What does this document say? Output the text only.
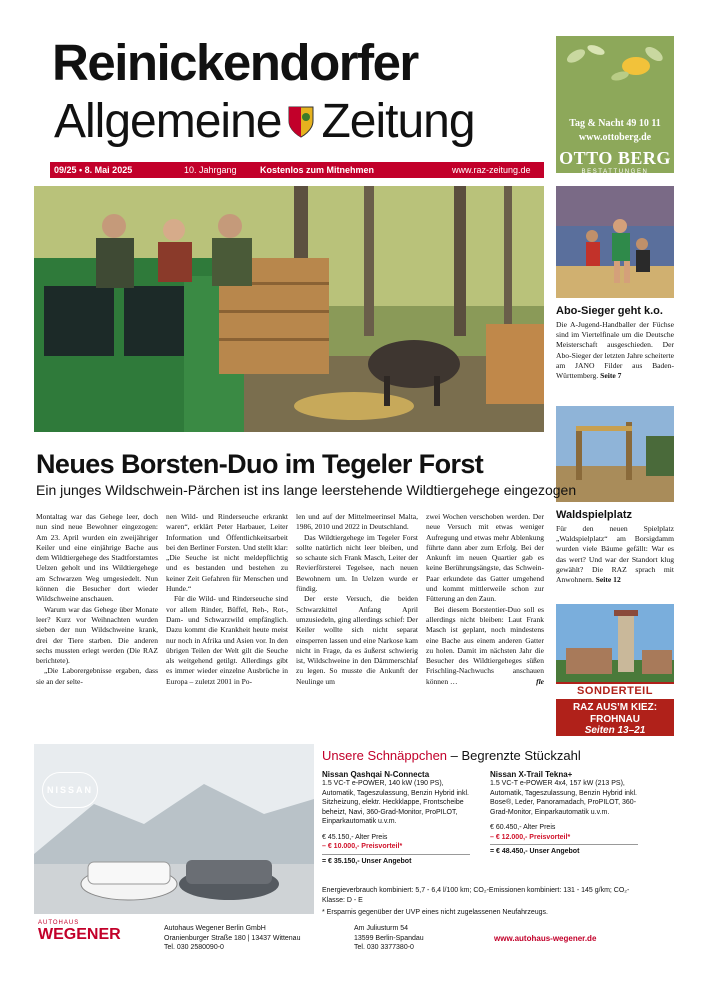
Reinickendorfer
Allgemeine Zeitung	Tag & Nacht 49 10 11
www.ottoberg.de
OTTO BERG
BESTATTUNGEN
09/25 • 8. Mai 2025	10. Jahrgang	Kostenlos zum Mitnehmen	www.raz-zeitung.de
Abo-Sieger geht k.o.
Die A-Jugend-Handballer der Füchse sind im Viertelfinale um die Deutsche Meisterschaft ausgeschieden. Der Abo-Sieger der letzten Jahre scheiterte am JANO Filder aus Baden-Württemberg. Seite 7
Waldspielplatz
Für den neuen Spielplatz „Waldspielplatz“ am Borsigdamm wurden viele Bäume gefällt: War es das wert? Und war der Standort klug gewählt? Die RAZ sprach mit Anwohnern. Seite 12
SONDERTEIL
RAZ AUS’M KIEZ:
FROHNAU
Seiten 13–21
Neues Borsten-Duo im Tegeler Forst
Ein junges Wildschwein-Pärchen ist ins lange leerstehende Wildtiergehege eingezogen

Montaltag war das Gehege leer, doch nun sind neue Bewohner eingezogen: Am 23. April wurden ein zweijähriger Keiler und eine einjährige Bache aus dem Wildtiergehege des Stadtforstamtes Uelzen geholt und ins Wildtiergehege am Schwarzen Weg umgesiedelt. Nun können die Besucher dort wieder Wildschweine anschauen.

Warum war das Gehege über Monate leer? Kurz vor Weihnachten wurden sieben der nun Wildschweine krank, drei der Tiere starben. Die anderen sechs mussten erlegt werden (Die RAZ berichtete).

„Die Laborergebnisse ergaben, dass sie an der selte-

nen Wild- und Rinderseuche erkrankt waren“, erklärt Peter Harbauer, Leiter Information und Öffentlichkeitsarbeit bei den Berliner Forsten. Und stellt klar: „Die Seuche ist nicht meldepflichtig und es bestanden und bestehen zu keiner Zeit Gefahren für Menschen und Hunde.“

Für die Wild- und Rinderseuche sind vor allem Rinder, Büffel, Reh-, Rot-, Dam- und Schwarzwild empfänglich. Dazu kommt die Krankheit heute meist nur noch in Afrika und Asien vor. In den übrigen Teilen der Welt gilt die Seuche als weitgehend getilgt. Allerdings gibt es immer wieder einzelne Ausbrüche in Europa – zuletzt 2001 in Po-

len und auf der Mittelmeerinsel Malta, 1986, 2010 und 2022 in Deutschland.

Das Wildtiergehege im Tegeler Forst sollte natürlich nicht leer bleiben, und so schaute sich Frank Masch, Leiter der Revierförsterei Tegelsee, nach neuen Bewohnern um. In Uelzen wurde er fündig.

Der erste Versuch, die beiden Schwarzkittel Anfang April umzusiedeln, ging allerdings schief: Der Keiler wollte sich nicht separat einsperren lassen und eine Narkose kam nicht in Frage, da es äußerst schwierig ist, Wildschweine in den Dämmerschlaf zu legen. So musste die Ankunft der Neulinge um

zwei Wochen verschoben werden. Der neue Versuch mit etwas weniger Aufregung und etwas mehr Ablenkung führte dann aber zum Erfolg. Bei der Ankunft im neuen Quartier gab es keine Berührungsängste, das Schwein-Paar erkundete das Gatter umgehend und kommt mittlerweile schon zur Fütterung an den Zaun.

Bei diesem Borstentier-Duo soll es allerdings nicht bleiben: Laut Frank Masch ist geplant, noch mindestens eine Bache aus einem anderen Gatter zu holen. Damit im nächsten Jahr die Besucher des Wildtiergeheges süßen Frischling-Nachwuchs anschauen können …	fle

NISSAN
Unsere Schnäppchen – Begrenzte Stückzahl
Nissan Qashqai N-Connecta
1.5 VC-T e-POWER, 140 kW (190 PS), Automatik, Tageszulassung, Benzin Hybrid inkl. Sitzheizung, elektr. Heckklappe, Frontscheibe beheizt, Navi, 360-Grad-Monitor, ProPILOT, Einparkautomatik u.v.m.
€ 45.150,- Alter Preis
– € 10.000,- Preisvorteil*
= € 35.150,- Unser Angebot
Nissan X-Trail Tekna+
1.5 VC-T e-POWER 4x4, 157 kW (213 PS), Automatik, Tageszulassung, Benzin Hybrid inkl. Bose®, Leder, Panoramadach, ProPILOT, 360-Grad-Monitor, Einparkautomatik u.v.m.
€ 60.450,- Alter Preis
– € 12.000,- Preisvorteil*
= € 48.450,- Unser Angebot
Energieverbrauch kombiniert: 5,7 - 6,4 l/100 km; CO₂-Emissionen kombiniert: 131 - 145 g/km; CO₂-Klasse: D - E
* Ersparnis gegenüber der UVP eines nicht zugelassenen Neufahrzeugs.
AUTOHAUS
WEGENER	Autohaus Wegener Berlin GmbH
Oranienburger Straße 180 | 13437 Wittenau
Tel. 030 2580090-0
Am Juliusturm 54
13599 Berlin-Spandau
Tel. 030 3377380-0
www.autohaus-wegener.de
